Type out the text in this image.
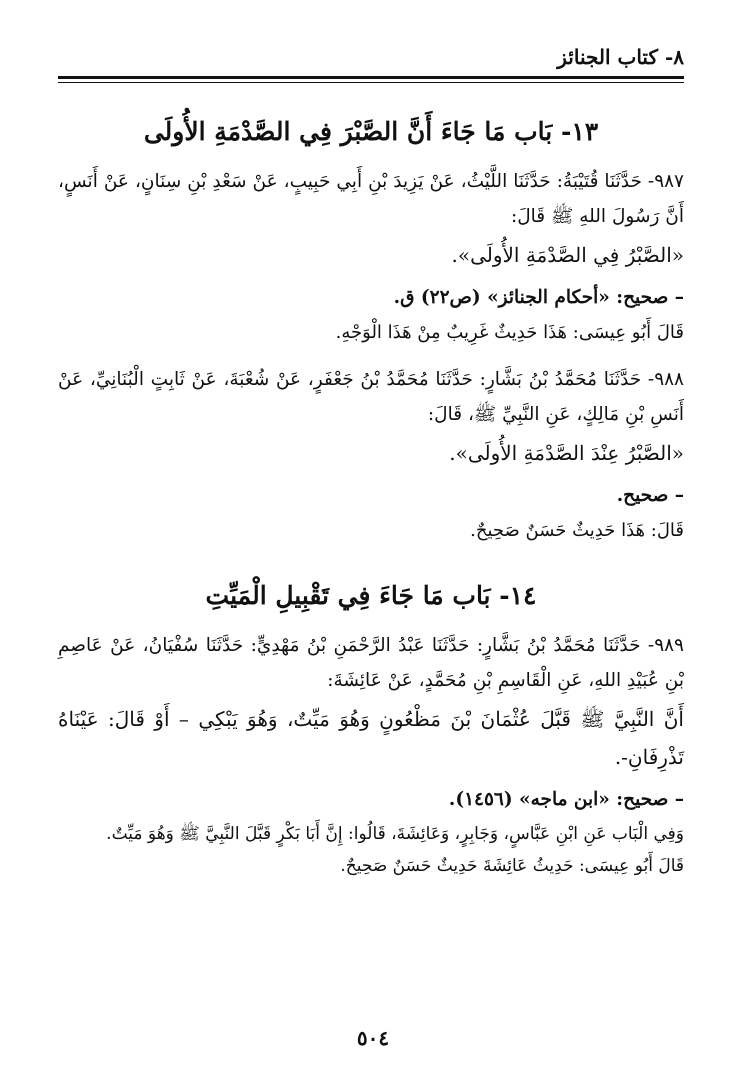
٨- كتاب الجنائز
١٣- بَاب مَا جَاءَ أَنَّ الصَّبْرَ فِي الصَّدْمَةِ الأُولَى

٩٨٧- حَدَّثَنَا قُتَيْبَةُ: حَدَّثَنَا اللَّيْثُ، عَنْ يَزِيدَ بْنِ أَبِي حَبِيبٍ، عَنْ سَعْدِ بْنِ سِنَانٍ، عَنْ أَنَسٍ، أَنَّ رَسُولَ اللهِ ﷺ قَالَ:

«الصَّبْرُ فِي الصَّدْمَةِ الأُولَى».

– صحيح: «أحكام الجنائز» (ص٢٢) ق.

قَالَ أَبُو عِيسَى: هَذَا حَدِيثٌ غَرِيبٌ مِنْ هَذَا الْوَجْهِ.

٩٨٨- حَدَّثَنَا مُحَمَّدُ بْنُ بَشَّارٍ: حَدَّثَنَا مُحَمَّدُ بْنُ جَعْفَرٍ، عَنْ شُعْبَةَ، عَنْ ثَابِتٍ الْبُنَانِيِّ، عَنْ أَنَسِ بْنِ مَالِكٍ، عَنِ النَّبِيِّ ﷺ، قَالَ:

«الصَّبْرُ عِنْدَ الصَّدْمَةِ الأُولَى».

– صحيح.

قَالَ: هَذَا حَدِيثٌ حَسَنٌ صَحِيحٌ.

١٤- بَاب مَا جَاءَ فِي تَقْبِيلِ الْمَيِّتِ

٩٨٩- حَدَّثَنَا مُحَمَّدُ بْنُ بَشَّارٍ: حَدَّثَنَا عَبْدُ الرَّحْمَنِ بْنُ مَهْدِيٍّ: حَدَّثَنَا سُفْيَانُ، عَنْ عَاصِمِ بْنِ عُبَيْدِ اللهِ، عَنِ الْقَاسِمِ بْنِ مُحَمَّدٍ، عَنْ عَائِشَةَ:

أَنَّ النَّبِيَّ ﷺ قَبَّلَ عُثْمَانَ بْنَ مَظْعُونٍ وَهُوَ مَيِّتٌ، وَهُوَ يَبْكِي – أَوْ قَالَ: عَيْنَاهُ تَذْرِفَانِ-.

– صحيح: «ابن ماجه» (١٤٥٦).

وَفِي الْبَاب عَنِ ابْنِ عَبَّاسٍ، وَجَابِرٍ، وَعَائِشَةَ، قَالُوا: إِنَّ أَبَا بَكْرٍ قَبَّلَ النَّبِيَّ ﷺ وَهُوَ مَيِّتٌ.

قَالَ أَبُو عِيسَى: حَدِيثُ عَائِشَةَ حَدِيثٌ حَسَنٌ صَحِيحٌ.

٥٠٤
